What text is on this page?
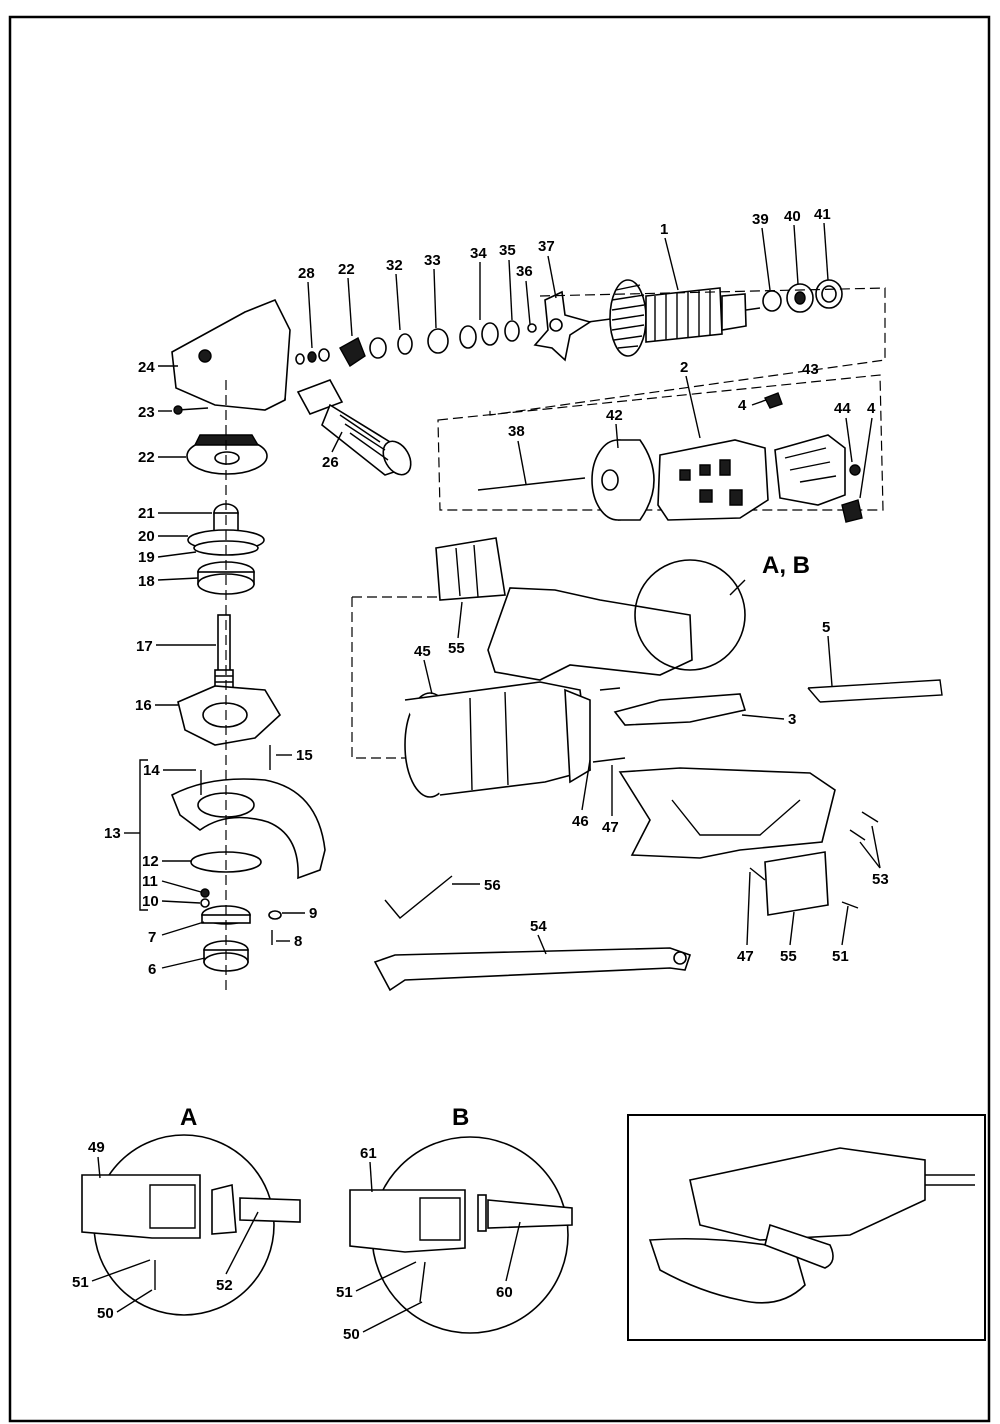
1
39 40 41
37
35
36
34
33
32
22
28
24
23
26
22
21
20
19
18
17
16
15
14
13
12
11
10
9
8
7
6
2	43
4	44 4
38
42
A, B
55
45
5
3
46 47
53
56
54
47 55 51
A
49
51
50
52
B
61
51
50
60
